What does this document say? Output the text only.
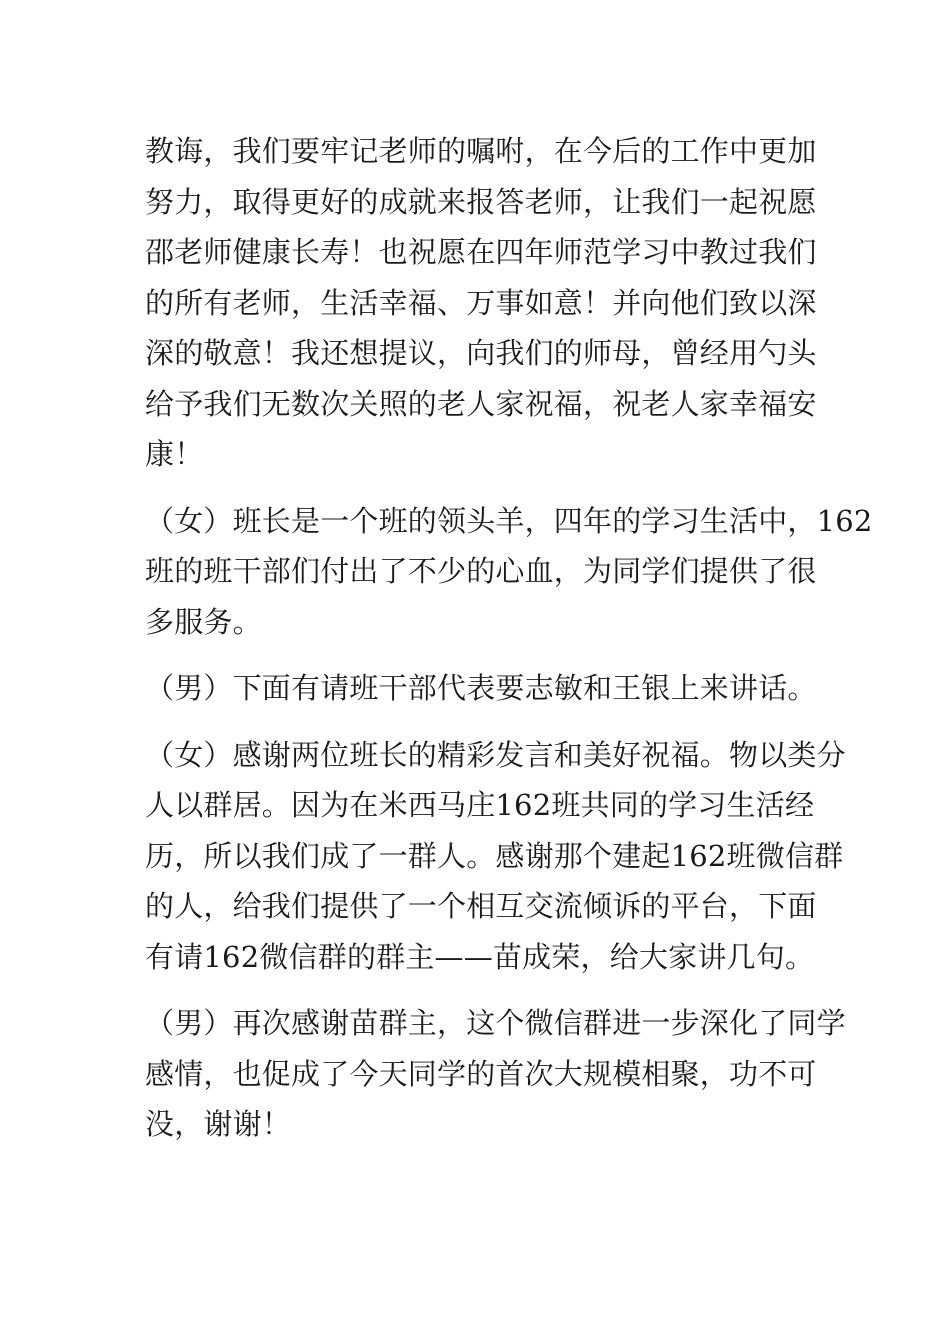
教诲，我们要牢记老师的嘱咐，在今后的工作中更加
努力，取得更好的成就来报答老师，让我们一起祝愿
邵老师健康长寿！也祝愿在四年师范学习中教过我们
的所有老师，生活幸福、万事如意！并向他们致以深
深的敬意！我还想提议，向我们的师母，曾经用勺头
给予我们无数次关照的老人家祝福，祝老人家幸福安
康！

（女）班长是一个班的领头羊，四年的学习生活中，162
班的班干部们付出了不少的心血，为同学们提供了很
多服务。

（男）下面有请班干部代表要志敏和王银上来讲话。

（女）感谢两位班长的精彩发言和美好祝福。物以类分
人以群居。因为在米西马庄162班共同的学习生活经
历，所以我们成了一群人。感谢那个建起162班微信群
的人，给我们提供了一个相互交流倾诉的平台，下面
有请162微信群的群主——苗成荣，给大家讲几句。

（男）再次感谢苗群主，这个微信群进一步深化了同学
感情，也促成了今天同学的首次大规模相聚，功不可
没，谢谢！
